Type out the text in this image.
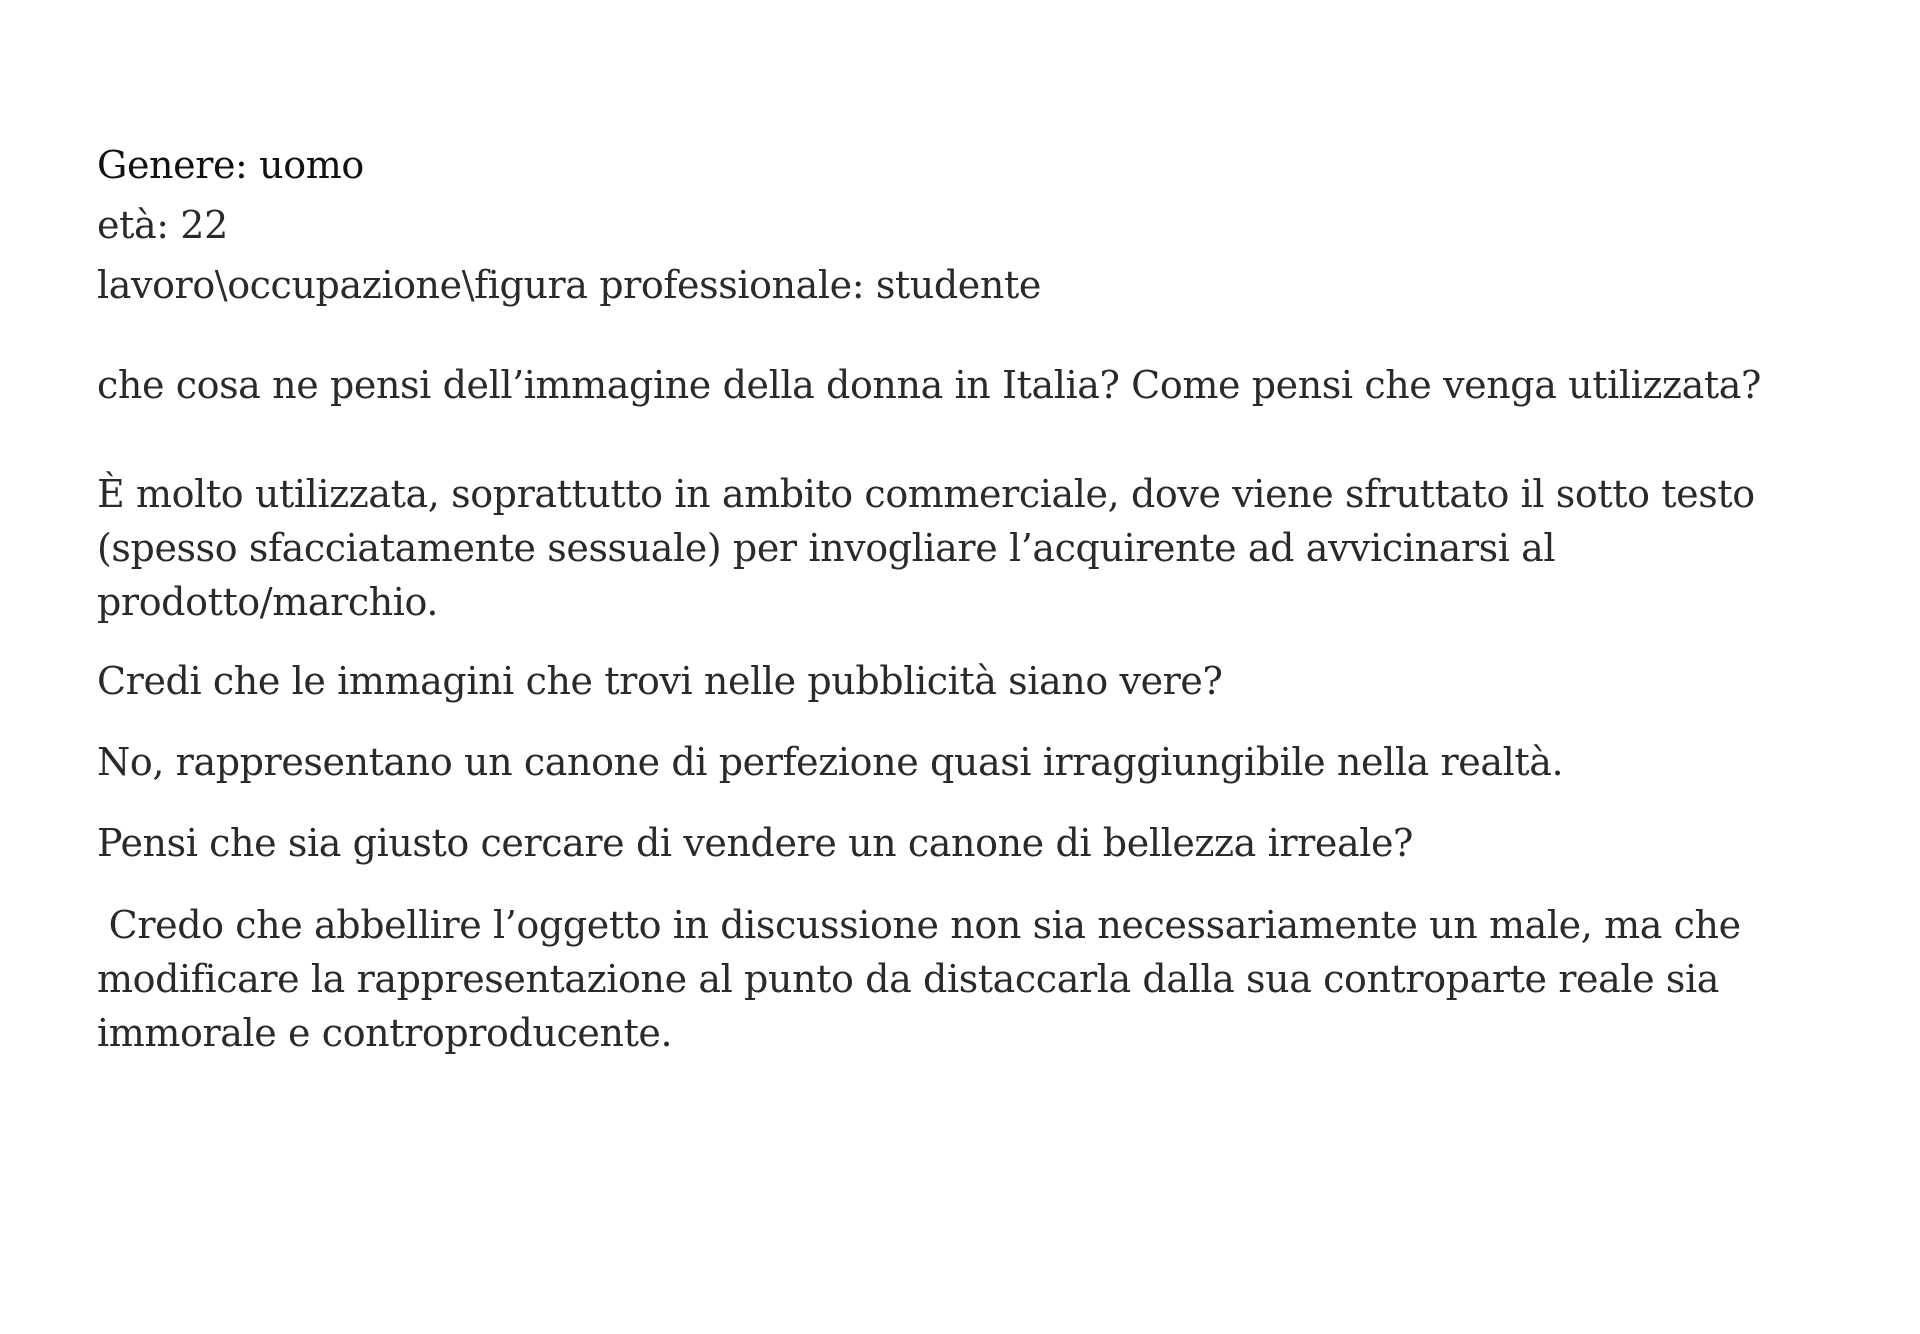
Genere: uomo

età: 22

lavoro\occupazione\figura professionale: studente

che cosa ne pensi dell’immagine della donna in Italia? Come pensi che venga utilizzata?

È molto utilizzata, soprattutto in ambito commerciale, dove viene sfruttato il sotto testo
(spesso sfacciatamente sessuale) per invogliare l’acquirente ad avvicinarsi al
prodotto/marchio.

Credi che le immagini che trovi nelle pubblicità siano vere?

No, rappresentano un canone di perfezione quasi irraggiungibile nella realtà.

Pensi che sia giusto cercare di vendere un canone di bellezza irreale?

Credo che abbellire l’oggetto in discussione non sia necessariamente un male, ma che
modificare la rappresentazione al punto da distaccarla dalla sua controparte reale sia
immorale e controproducente.
